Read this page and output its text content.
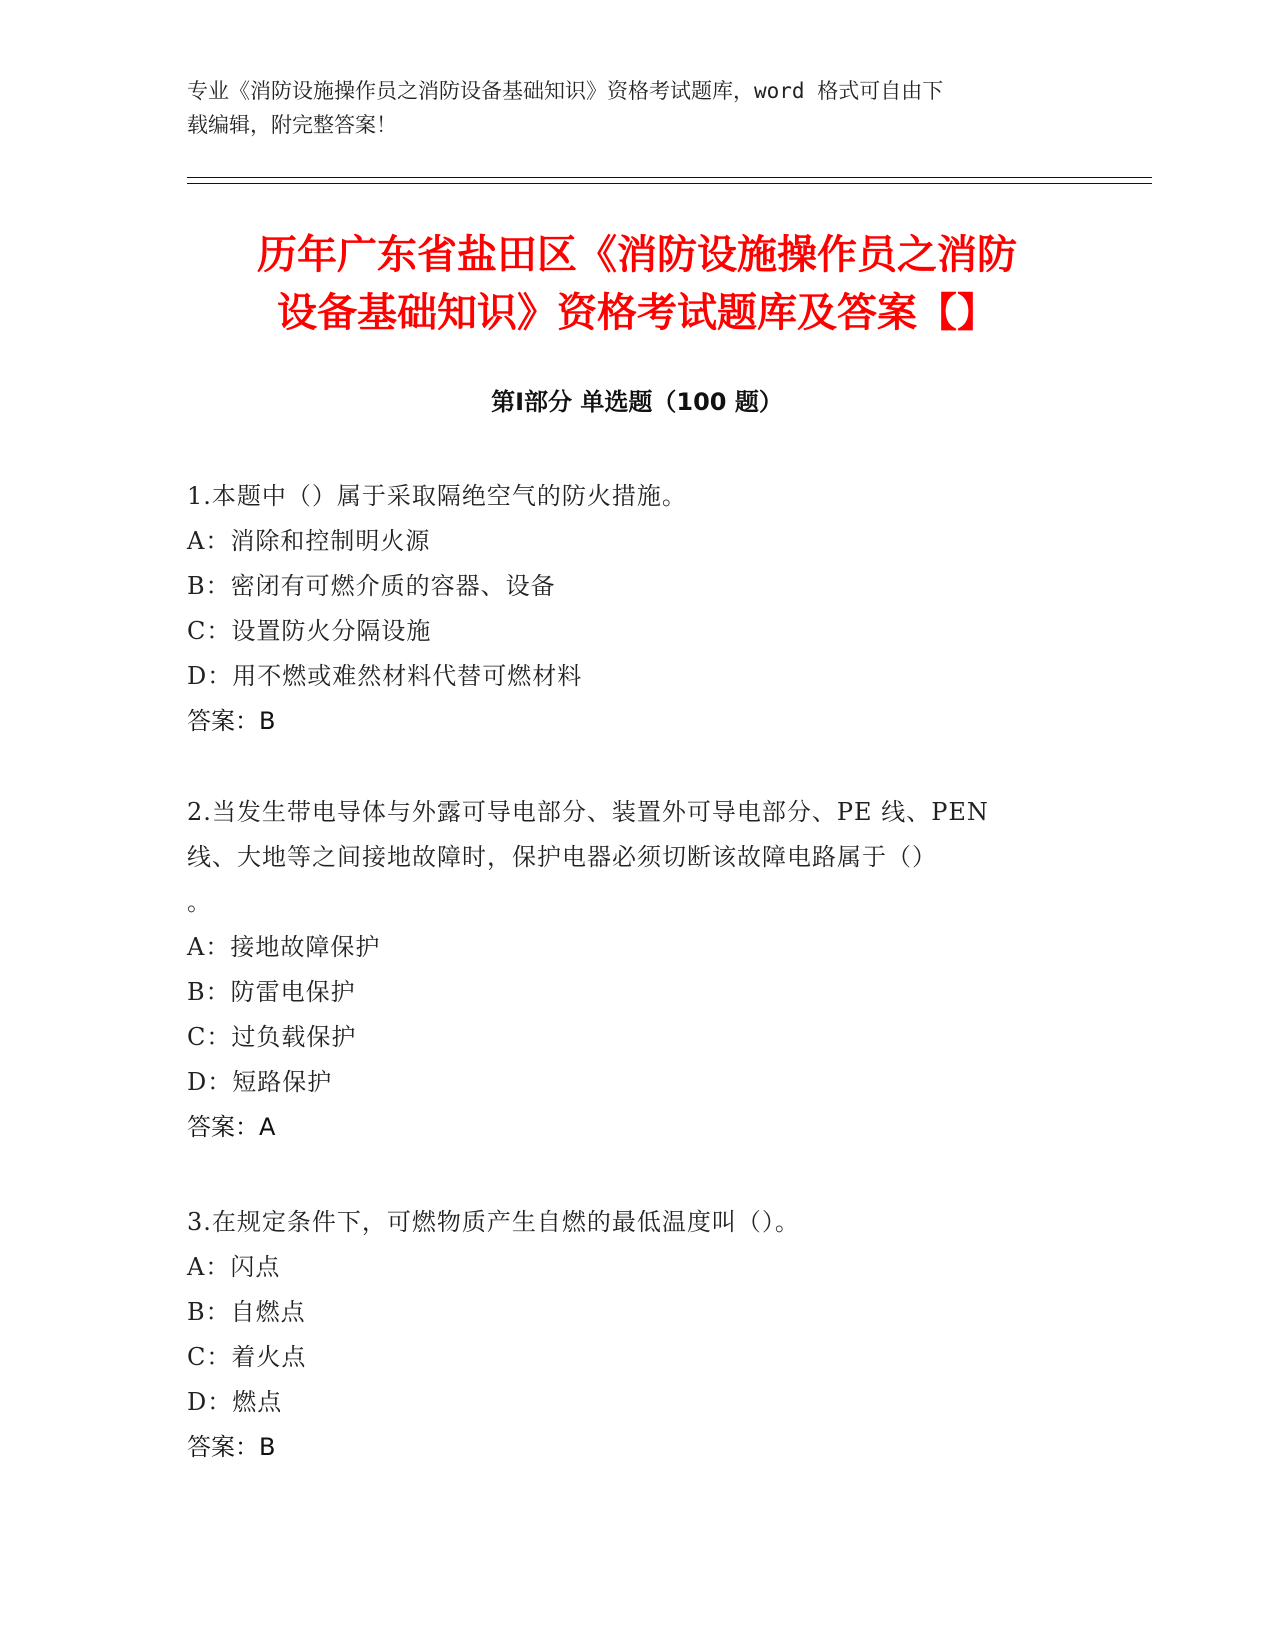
专业《消防设施操作员之消防设备基础知识》资格考试题库，word 格式可自由下
载编辑，附完整答案！
历年广东省盐田区《消防设施操作员之消防
设备基础知识》资格考试题库及答案【】
第Ⅰ部分 单选题（100 题）

1.本题中（）属于采取隔绝空气的防火措施。

A：消除和控制明火源

B：密闭有可燃介质的容器、设备

C：设置防火分隔设施

D：用不燃或难然材料代替可燃材料

答案：B

2.当发生带电导体与外露可导电部分、装置外可导电部分、PE 线、PEN

线、大地等之间接地故障时，保护电器必须切断该故障电路属于（）

。

A：接地故障保护

B：防雷电保护

C：过负载保护

D：短路保护

答案：A

3.在规定条件下，可燃物质产生自燃的最低温度叫（）。

A：闪点

B：自燃点

C：着火点

D：燃点

答案：B
